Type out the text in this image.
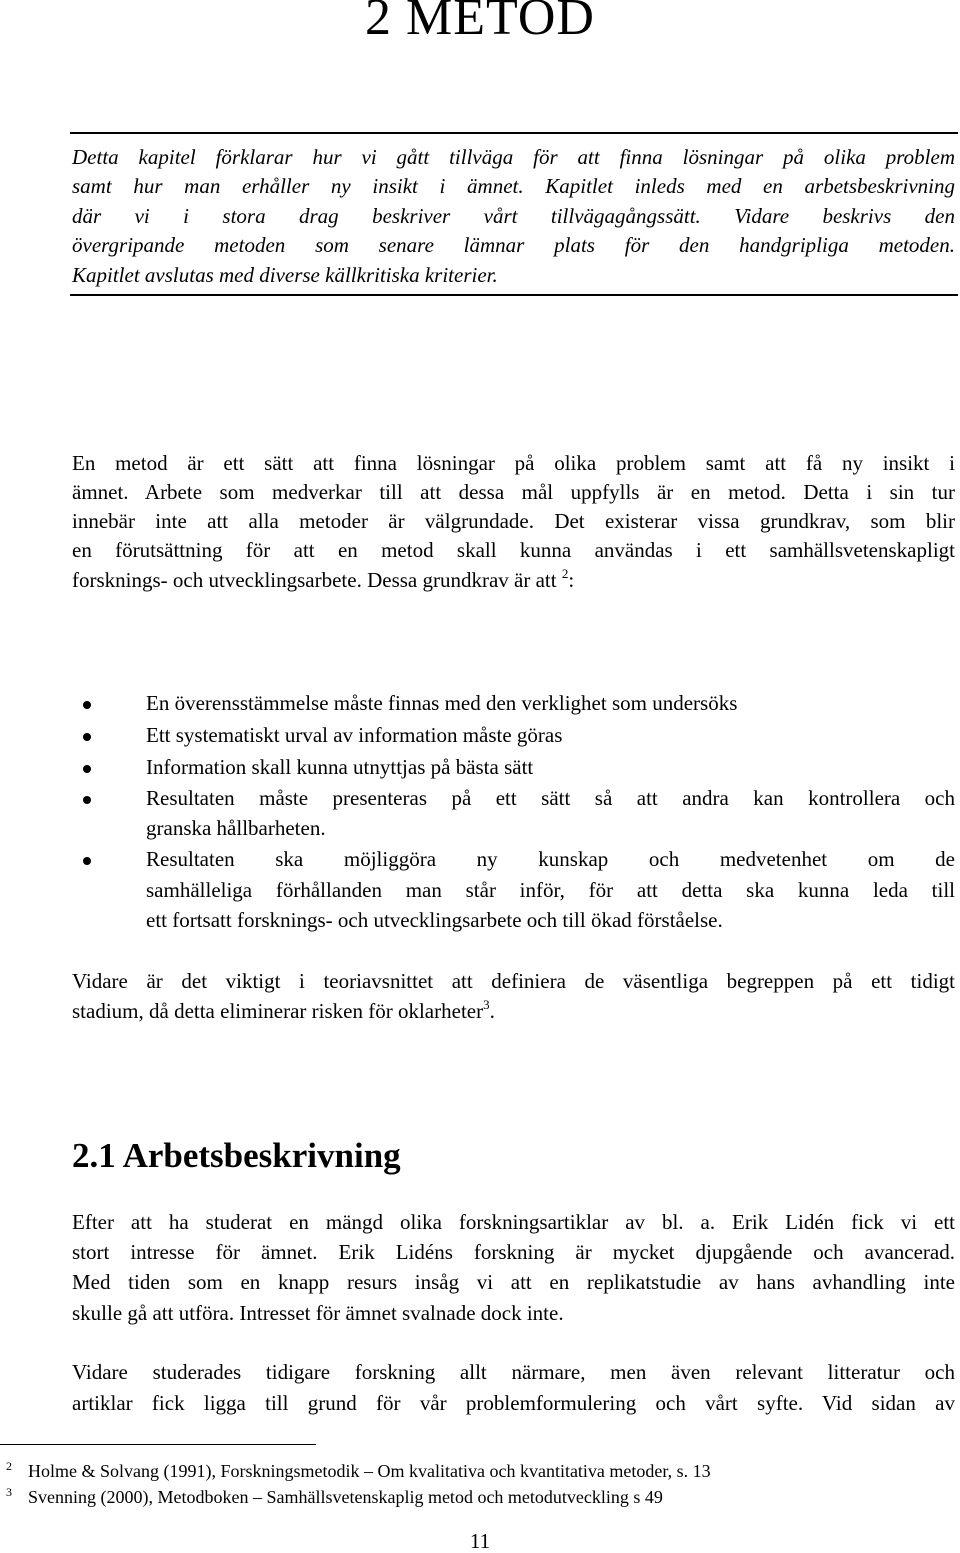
2 METOD
Detta kapitel förklarar hur vi gått tillväga för att finna lösningar på olika problem
samt hur man erhåller ny insikt i ämnet. Kapitlet inleds med en arbetsbeskrivning
där vi i stora drag beskriver vårt tillvägagångssätt. Vidare beskrivs den
övergripande metoden som senare lämnar plats för den handgripliga metoden.
Kapitlet avslutas med diverse källkritiska kriterier.
En metod är ett sätt att finna lösningar på olika problem samt att få ny insikt i
ämnet. Arbete som medverkar till att dessa mål uppfylls är en metod. Detta i sin tur
innebär inte att alla metoder är välgrundade. Det existerar vissa grundkrav, som blir
en förutsättning för att en metod skall kunna användas i ett samhällsvetenskapligt
forsknings- och utvecklingsarbete. Dessa grundkrav är att $^2$:
En överensstämmelse måste finnas med den verklighet som undersöks
Ett systematiskt urval av information måste göras
Information skall kunna utnyttjas på bästa sätt
Resultaten måste presenteras på ett sätt så att andra kan kontrollera och
granska hållbarheten.
Resultaten ska möjliggöra ny kunskap och medvetenhet om de
samhälleliga förhållanden man står inför, för att detta ska kunna leda till
ett fortsatt forsknings- och utvecklingsarbete och till ökad förståelse.
Vidare är det viktigt i teoriavsnittet att definiera de väsentliga begreppen på ett tidigt
stadium, då detta eliminerar risken för oklarheter$^3$.
2.1 Arbetsbeskrivning
Efter att ha studerat en mängd olika forskningsartiklar av bl. a. Erik Lidén fick vi ett
stort intresse för ämnet. Erik Lidéns forskning är mycket djupgående och avancerad.
Med tiden som en knapp resurs insåg vi att en replikatstudie av hans avhandling inte
skulle gå att utföra. Intresset för ämnet svalnade dock inte.
Vidare studerades tidigare forskning allt närmare, men även relevant litteratur och
artiklar fick ligga till grund för vår problemformulering och vårt syfte. Vid sidan av
2 Holme & Solvang (1991), Forskningsmetodik – Om kvalitativa och kvantitativa metoder, s. 13
3 Svenning (2000), Metodboken – Samhällsvetenskaplig metod och metodutveckling s 49
11
